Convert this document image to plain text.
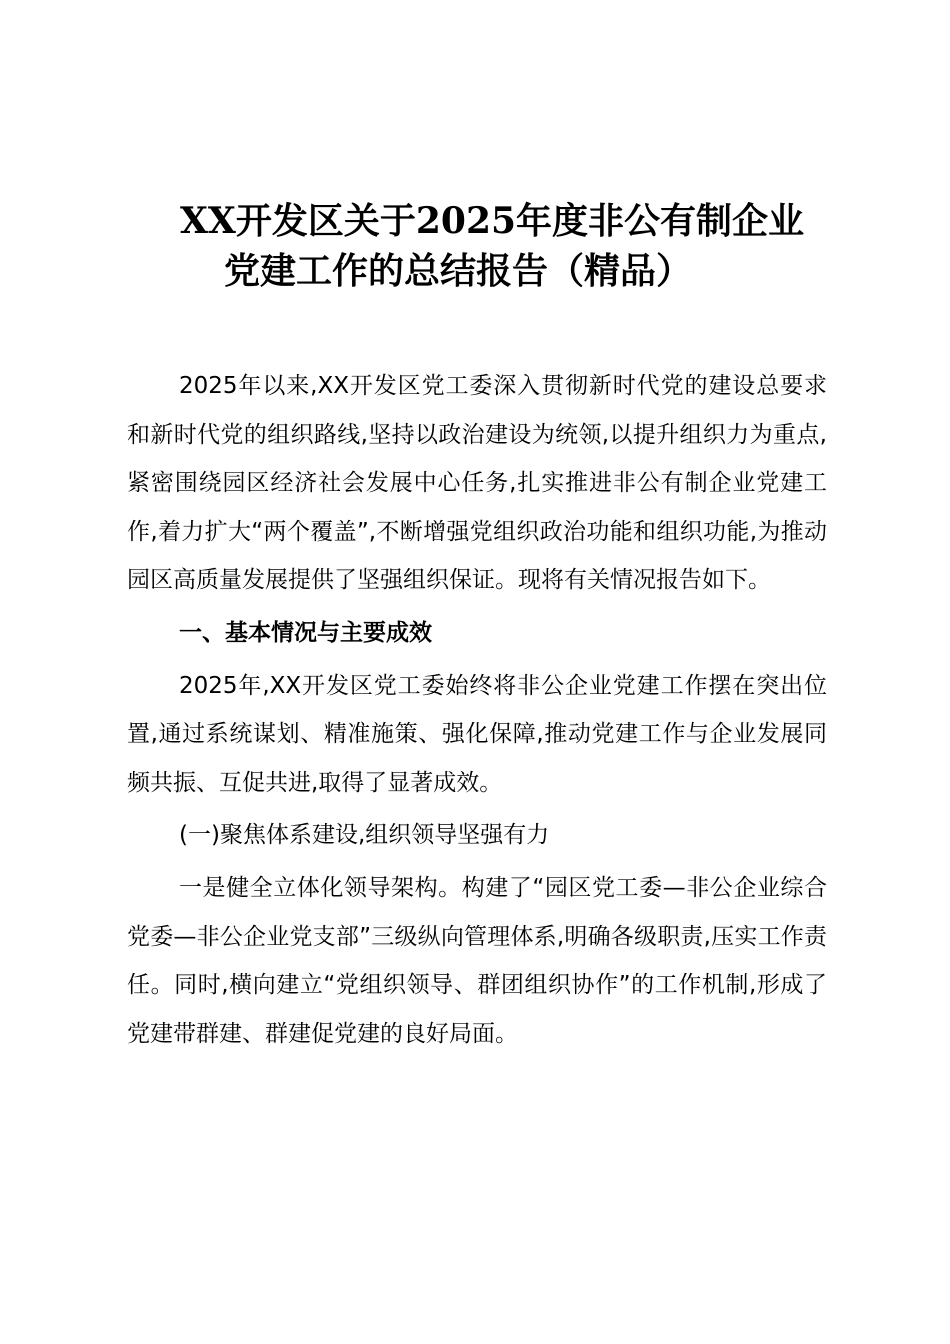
XX开发区关于2025年度非公有制企业
党建工作的总结报告（精品）

2025年以来,XX开发区党工委深入贯彻新时代党的建设总要求和新时代党的组织路线,坚持以政治建设为统领,以提升组织力为重点,紧密围绕园区经济社会发展中心任务,扎实推进非公有制企业党建工作,着力扩大“两个覆盖”,不断增强党组织政治功能和组织功能,为推动园区高质量发展提供了坚强组织保证。现将有关情况报告如下。

一、基本情况与主要成效

2025年,XX开发区党工委始终将非公企业党建工作摆在突出位置,通过系统谋划、精准施策、强化保障,推动党建工作与企业发展同频共振、互促共进,取得了显著成效。

(一)聚焦体系建设,组织领导坚强有力

一是健全立体化领导架构。构建了“园区党工委—非公企业综合党委—非公企业党支部”三级纵向管理体系,明确各级职责,压实工作责任。同时,横向建立“党组织领导、群团组织协作”的工作机制,形成了党建带群建、群建促党建的良好局面。
